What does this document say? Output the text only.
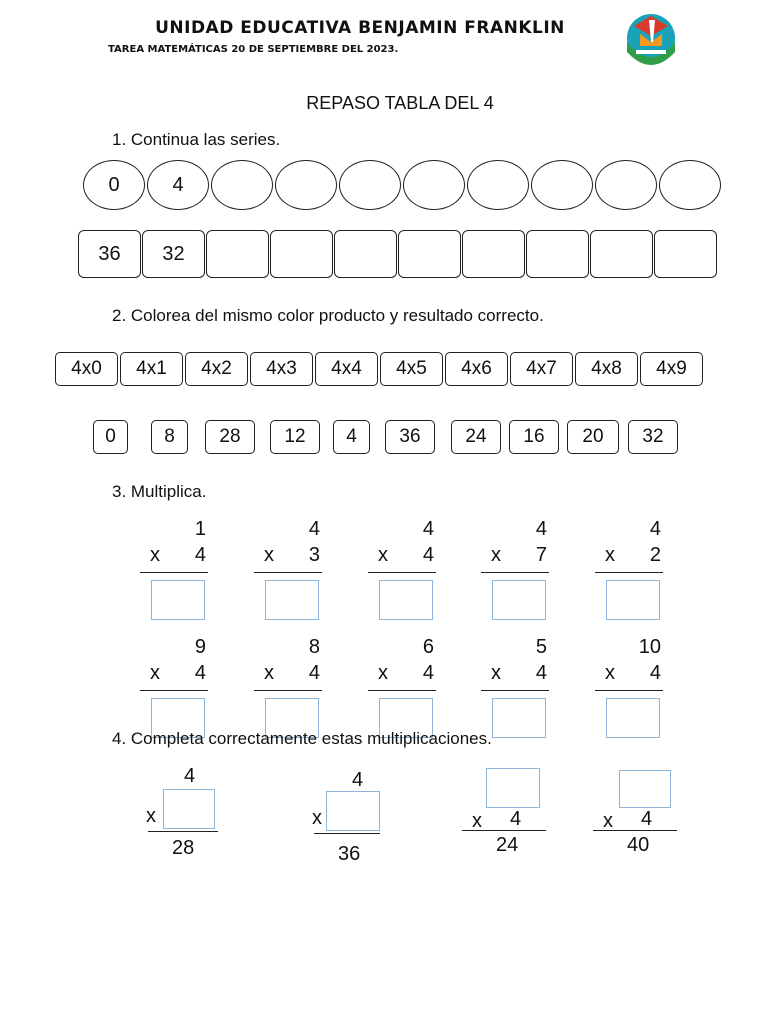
UNIDAD EDUCATIVA BENJAMIN FRANKLIN
TAREA MATEMÁTICAS 20 DE SEPTIEMBRE DEL 2023.
REPASO TABLA DEL 4
1. Continua las series.
0	4
36	32
2. Colorea del mismo color producto y resultado correcto.
4x0	4x1	4x2	4x3	4x4	4x5	4x6	4x7	4x8	4x9
0	8	28	12	4	36	24	16	20	32
3. Multiplica.
1
x 4
4
x 3
4
x 4
4
x 7
4
x 2
9
x 4
8
x 4
6
x 4
5
x 4
10
x 4
4. Completa correctamente estas multiplicaciones.
4
x
28
4
x
36
x 4
24
x 4
40
